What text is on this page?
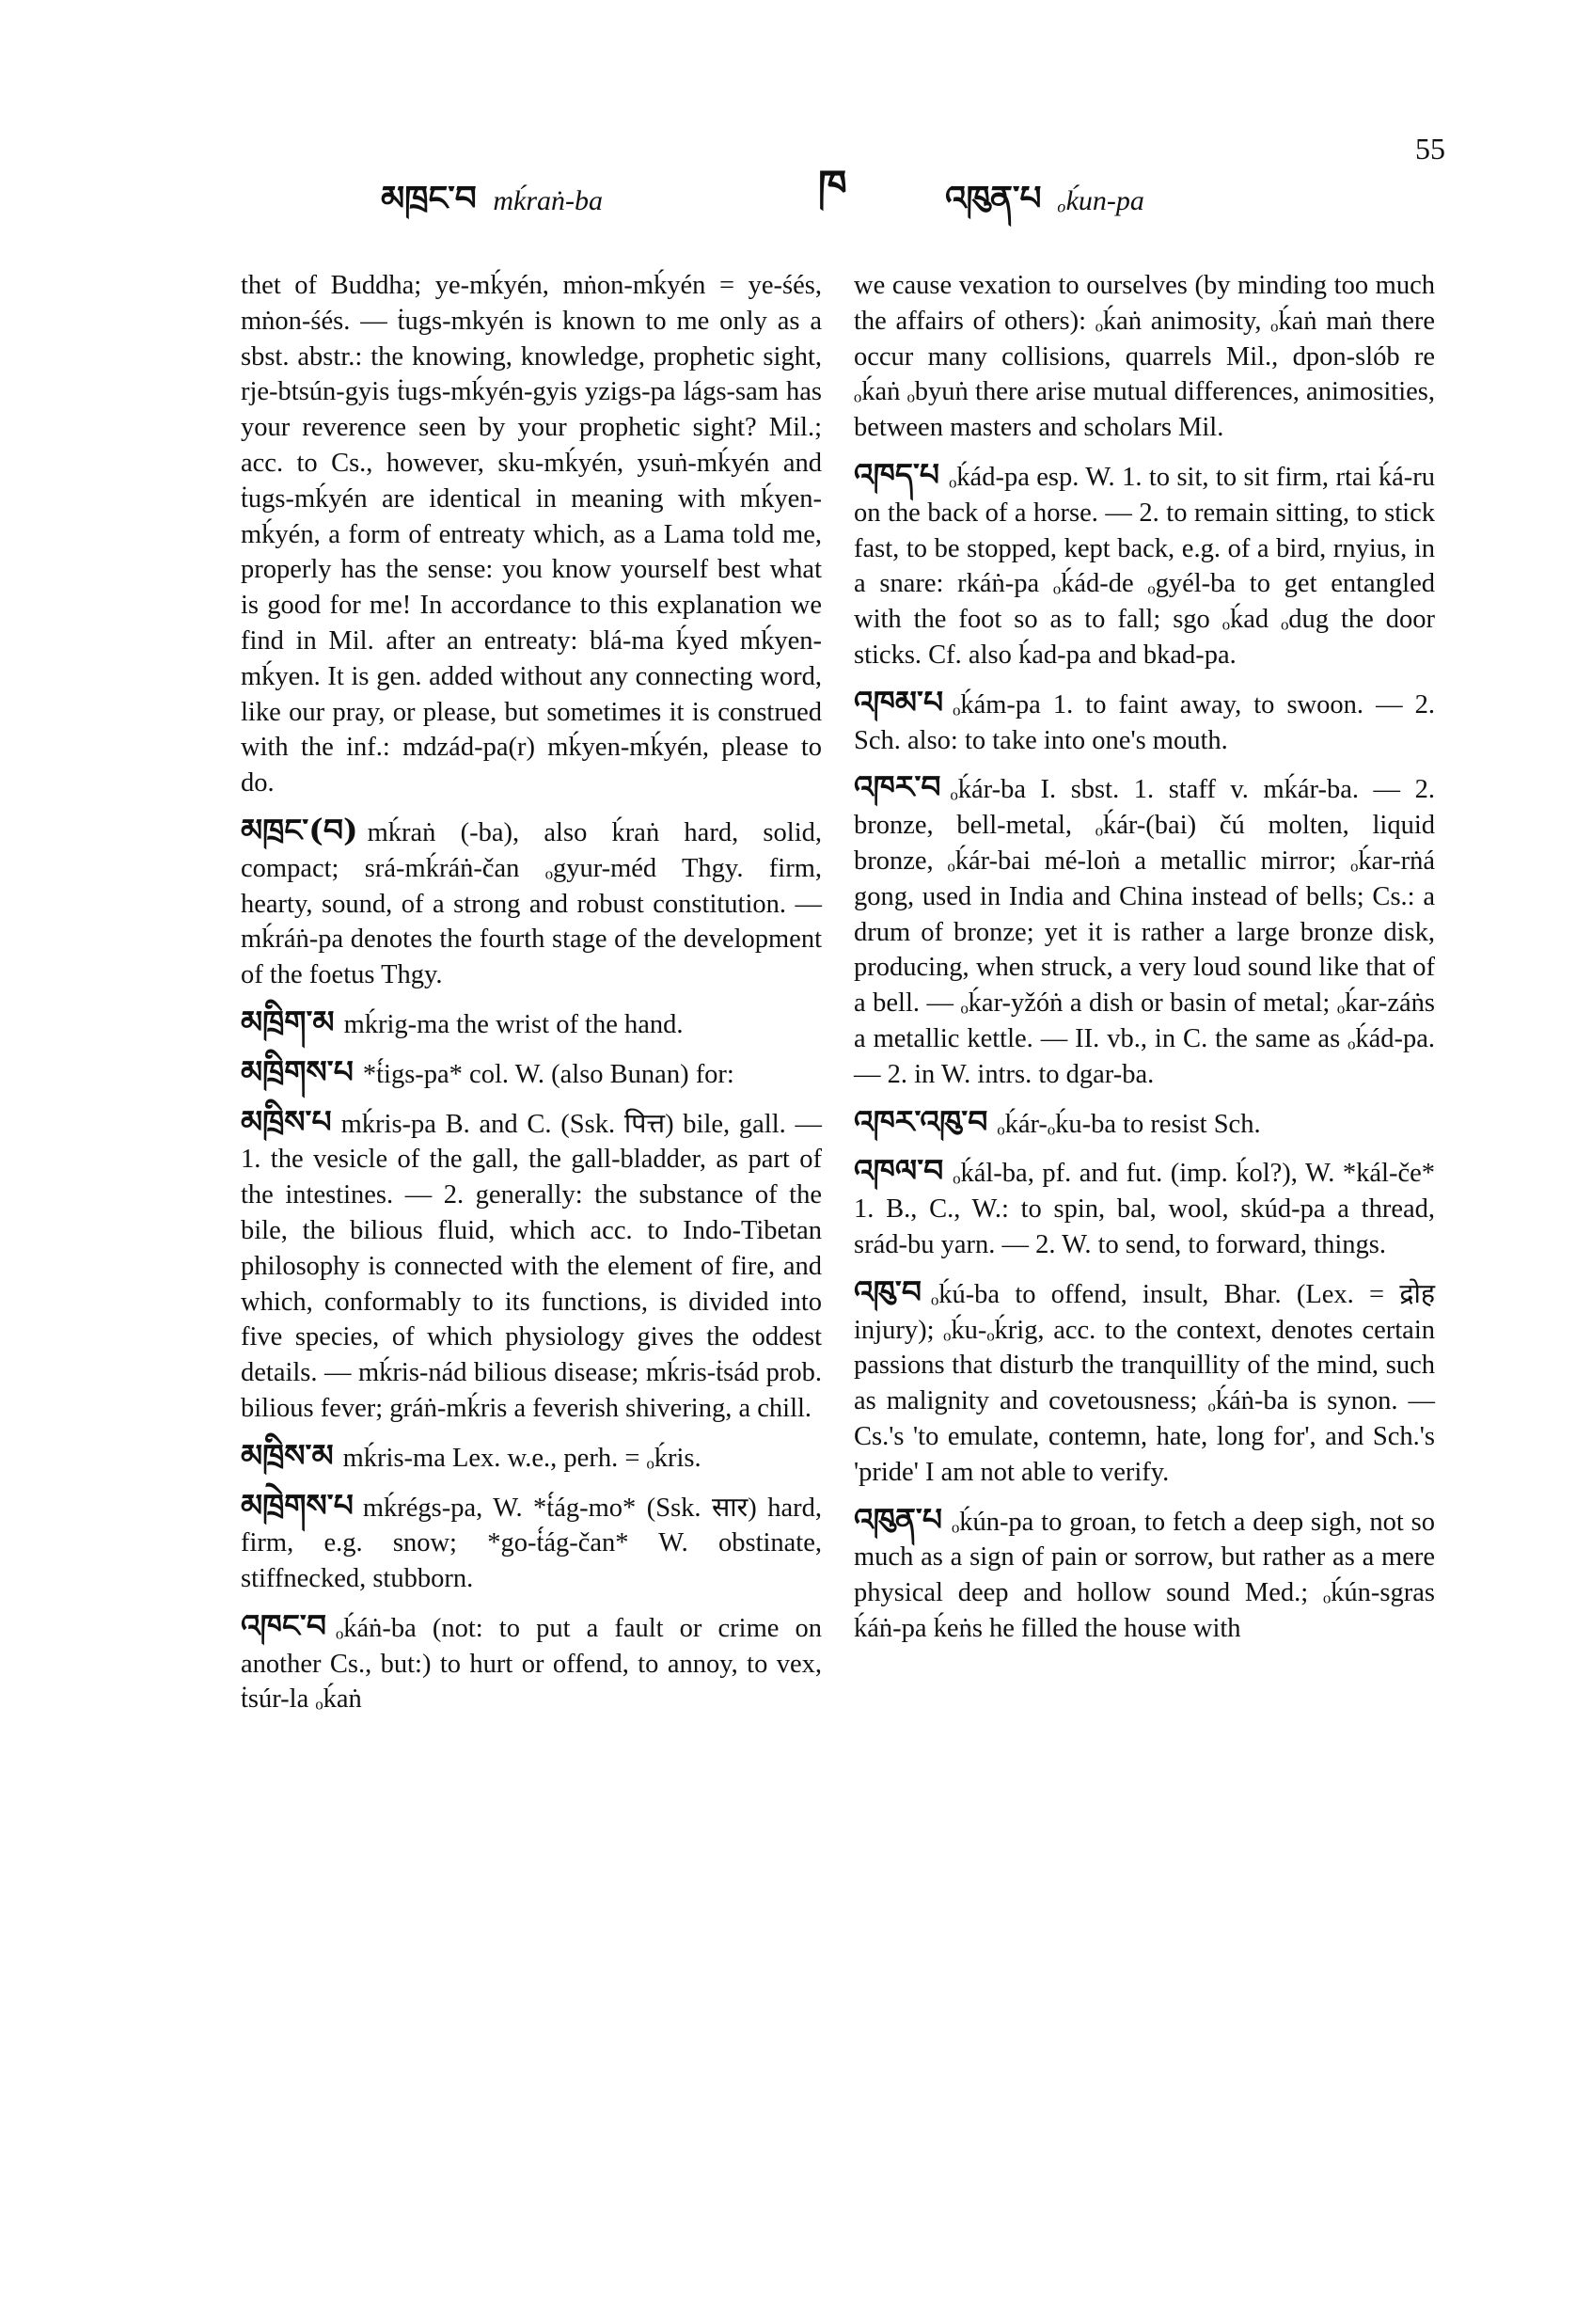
མཁྲང་བ mḱraṅ-ba	ཁ	འཁུན་པ ₒḱun-pa
55

thet of Buddha; ye-mḱyén, mṅon-mḱyén = ye-śés, mṅon-śés. — ṫugs-mkyén is known to me only as a sbst. abstr.: the knowing, knowledge, prophetic sight, rje-btsún-gyis ṫugs-mḱyén-gyis yzigs-pa lágs-sam has your reverence seen by your prophetic sight? Mil.; acc. to Cs., however, sku-mḱyén, ysuṅ-mḱyén and ṫugs-mḱyén are identical in meaning with mḱyen-mḱyén, a form of entreaty which, as a Lama told me, properly has the sense: you know yourself best what is good for me! In accordance to this explanation we find in Mil. after an entreaty: blá-ma ḱyed mḱyen-mḱyen. It is gen. added without any connecting word, like our pray, or please, but sometimes it is construed with the inf.: mdzád-pa(r) mḱyen-mḱyén, please to do.

མཁྲང་(བ) mḱraṅ (-ba), also ḱraṅ hard, solid, compact; srá-mḱráṅ-čan ₒgyur-méd Thgy. firm, hearty, sound, of a strong and robust constitution. — mḱráṅ-pa denotes the fourth stage of the development of the foetus Thgy.

མཁྲིག་མ mḱrig-ma the wrist of the hand.

མཁྲིགས་པ *ṫ́igs-pa* col. W. (also Bunan) for:

མཁྲིས་པ mḱris-pa B. and C. (Ssk. पित्त) bile, gall. — 1. the vesicle of the gall, the gall-bladder, as part of the intestines. — 2. generally: the substance of the bile, the bilious fluid, which acc. to Indo-Tibetan philosophy is connected with the element of fire, and which, conformably to its functions, is divided into five species, of which physiology gives the oddest details. — mḱris-nád bilious disease; mḱris-ṫsád prob. bilious fever; gráṅ-mḱris a feverish shivering, a chill.

མཁྲིས་མ mḱris-ma Lex. w.e., perh. = ₒḱris.

མཁྲེགས་པ mḱrégs-pa, W. *ṫ́ág-mo* (Ssk. सार) hard, firm, e.g. snow; *go-ṫ́ág-čan* W. obstinate, stiffnecked, stubborn.

འཁང་བ ₒḱáṅ-ba (not: to put a fault or crime on another Cs., but:) to hurt or offend, to annoy, to vex, ṫsúr-la ₒḱaṅ

we cause vexation to ourselves (by minding too much the affairs of others): ₒḱaṅ animosity, ₒḱaṅ maṅ there occur many collisions, quarrels Mil., dpon-slób re ₒḱaṅ ₒbyuṅ there arise mutual differences, animosities, between masters and scholars Mil.

འཁད་པ ₒḱád-pa esp. W. 1. to sit, to sit firm, rtai ḱá-ru on the back of a horse. — 2. to remain sitting, to stick fast, to be stopped, kept back, e.g. of a bird, rnyius, in a snare: rkáṅ-pa ₒḱád-de ₒgyél-ba to get entangled with the foot so as to fall; sgo ₒḱad ₒdug the door sticks. Cf. also ḱad-pa and bkad-pa.

འཁམ་པ ₒḱám-pa 1. to faint away, to swoon. — 2. Sch. also: to take into one's mouth.

འཁར་བ ₒḱár-ba I. sbst. 1. staff v. mḱár-ba. — 2. bronze, bell-metal, ₒḱár-(bai) čú molten, liquid bronze, ₒḱár-bai mé-loṅ a metallic mirror; ₒḱar-rṅá gong, used in India and China instead of bells; Cs.: a drum of bronze; yet it is rather a large bronze disk, producing, when struck, a very loud sound like that of a bell. — ₒḱar-yžóṅ a dish or basin of metal; ₒḱar-záṅs a metallic kettle. — II. vb., in C. the same as ₒḱád-pa. — 2. in W. intrs. to dgar-ba.

འཁར་འཁུ་བ ₒḱár-ₒḱu-ba to resist Sch.

འཁལ་བ ₒḱál-ba, pf. and fut. (imp. ḱol?), W. *kál-če* 1. B., C., W.: to spin, bal, wool, skúd-pa a thread, srád-bu yarn. — 2. W. to send, to forward, things.

འཁུ་བ ₒḱú-ba to offend, insult, Bhar. (Lex. = द्रोह injury); ₒḱu-ₒḱrig, acc. to the context, denotes certain passions that disturb the tranquillity of the mind, such as malignity and covetousness; ₒḱáṅ-ba is synon. — Cs.'s 'to emulate, contemn, hate, long for', and Sch.'s 'pride' I am not able to verify.

འཁུན་པ ₒḱún-pa to groan, to fetch a deep sigh, not so much as a sign of pain or sorrow, but rather as a mere physical deep and hollow sound Med.; ₒḱún-sgras ḱáṅ-pa ḱeṅs he filled the house with
